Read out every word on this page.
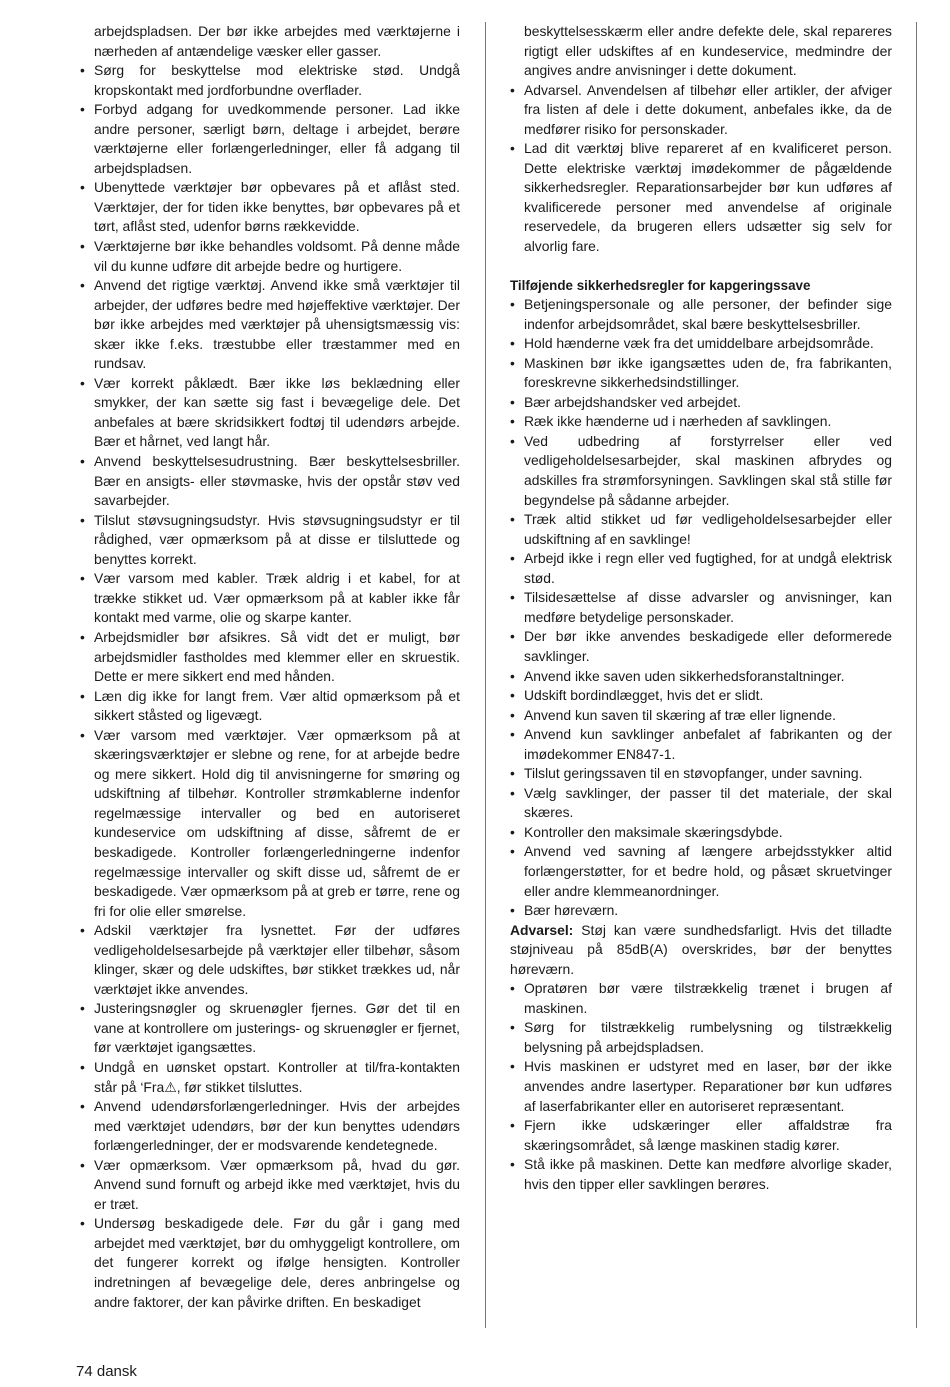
arbejdspladsen. Der bør ikke arbejdes med værktøjerne i nærheden af antændelige væsker eller gasser.

• Sørg for beskyttelse mod elektriske stød. Undgå kropskontakt med jordforbundne overflader.
• Forbyd adgang for uvedkommende personer. Lad ikke andre personer, særligt børn, deltage i arbejdet, berøre værktøjerne eller forlængerledninger, eller få adgang til arbejdspladsen.
• Ubenyttede værktøjer bør opbevares på et aflåst sted. Værktøjer, der for tiden ikke benyttes, bør opbevares på et tørt, aflåst sted, udenfor børns rækkevidde.
• Værktøjerne bør ikke behandles voldsomt. På denne måde vil du kunne udføre dit arbejde bedre og hurtigere.
• Anvend det rigtige værktøj. Anvend ikke små værktøjer til arbejder, der udføres bedre med højeffektive værktøjer. Der bør ikke arbejdes med værktøjer på uhensigtsmæssig vis: skær ikke f.eks. træstubbe eller træstammer med en rundsav.
• Vær korrekt påklædt. Bær ikke løs beklædning eller smykker, der kan sætte sig fast i bevægelige dele. Det anbefales at bære skridsikkert fodtøj til udendørs arbejde. Bær et hårnet, ved langt hår.
• Anvend beskyttelsesudrustning. Bær beskyttelsesbriller. Bær en ansigts- eller støvmaske, hvis der opstår støv ved savarbejder.
• Tilslut støvsugningsudstyr. Hvis støvsugningsudstyr er til rådighed, vær opmærksom på at disse er tilsluttede og benyttes korrekt.
• Vær varsom med kabler. Træk aldrig i et kabel, for at trække stikket ud. Vær opmærksom på at kabler ikke får kontakt med varme, olie og skarpe kanter.
• Arbejdsmidler bør afsikres. Så vidt det er muligt, bør arbejdsmidler fastholdes med klemmer eller en skruestik. Dette er mere sikkert end med hånden.
• Læn dig ikke for langt frem. Vær altid opmærksom på et sikkert ståsted og ligevægt.
• Vær varsom med værktøjer. Vær opmærksom på at skæringsværktøjer er slebne og rene, for at arbejde bedre og mere sikkert. Hold dig til anvisningerne for smøring og udskiftning af tilbehør. Kontroller strømkablerne indenfor regelmæssige intervaller og bed en autoriseret kundeservice om udskiftning af disse, såfremt de er beskadigede. Kontroller forlængerledningerne indenfor regelmæssige intervaller og skift disse ud, såfremt de er beskadigede. Vær opmærksom på at greb er tørre, rene og fri for olie eller smørelse.
• Adskil værktøjer fra lysnettet. Før der udføres vedligeholdelsesarbejde på værktøjer eller tilbehør, såsom klinger, skær og dele udskiftes, bør stikket trækkes ud, når værktøjet ikke anvendes.
• Justeringsnøgler og skruenøgler fjernes. Gør det til en vane at kontrollere om justerings- og skruenøgler er fjernet, før værktøjet igangsættes.
• Undgå en uønsket opstart. Kontroller at til/fra-kontakten står på ‘Fra⚠, før stikket tilsluttes.
• Anvend udendørsforlængerledninger. Hvis der arbejdes med værktøjet udendørs, bør der kun benyttes udendørs forlængerledninger, der er modsvarende kendetegnede.
• Vær opmærksom. Vær opmærksom på, hvad du gør. Anvend sund fornuft og arbejd ikke med værktøjet, hvis du er træt.
• Undersøg beskadigede dele. Før du går i gang med arbejdet med værktøjet, bør du omhyggeligt kontrollere, om det fungerer korrekt og ifølge hensigten. Kontroller indretningen af bevægelige dele, deres anbringelse og andre faktorer, der kan påvirke driften. En beskadiget

beskyttelsesskærm eller andre defekte dele, skal repareres rigtigt eller udskiftes af en kundeservice, medmindre der angives andre anvisninger i dette dokument.

• Advarsel. Anvendelsen af tilbehør eller artikler, der afviger fra listen af dele i dette dokument, anbefales ikke, da de medfører risiko for personskader.
• Lad dit værktøj blive repareret af en kvalificeret person. Dette elektriske værktøj imødekommer de pågældende sikkerhedsregler. Reparationsarbejder bør kun udføres af kvalificerede personer med anvendelse af originale reservedele, da brugeren ellers udsætter sig selv for alvorlig fare.

Tilføjende sikkerhedsregler for kapgeringssave

• Betjeningspersonale og alle personer, der befinder sige indenfor arbejdsområdet, skal bære beskyttelsesbriller.
• Hold hænderne væk fra det umiddelbare arbejdsområde.
• Maskinen bør ikke igangsættes uden de, fra fabrikanten, foreskrevne sikkerhedsindstillinger.
• Bær arbejdshandsker ved arbejdet.
• Ræk ikke hænderne ud i nærheden af savklingen.
• Ved udbedring af forstyrrelser eller ved vedligeholdelsesarbejder, skal maskinen afbrydes og adskilles fra strømforsyningen. Savklingen skal stå stille før begyndelse på sådanne arbejder.
• Træk altid stikket ud før vedligeholdelsesarbejder eller udskiftning af en savklinge!
• Arbejd ikke i regn eller ved fugtighed, for at undgå elektrisk stød.
• Tilsidesættelse af disse advarsler og anvisninger, kan medføre betydelige personskader.
• Der bør ikke anvendes beskadigede eller deformerede savklinger.
• Anvend ikke saven uden sikkerhedsforanstaltninger.
• Udskift bordindlægget, hvis det er slidt.
• Anvend kun saven til skæring af træ eller lignende.
• Anvend kun savklinger anbefalet af fabrikanten og der imødekommer EN847-1.
• Tilslut geringssaven til en støvopfanger, under savning.
• Vælg savklinger, der passer til det materiale, der skal skæres.
• Kontroller den maksimale skæringsdybde.
• Anvend ved savning af længere arbejdsstykker altid forlængerstøtter, for et bedre hold, og påsæt skruetvinger eller andre klemmeanordninger.
• Bær høreværn.

Advarsel: Støj kan være sundhedsfarligt. Hvis det tilladte støjniveau på 85dB(A) overskrides, bør der benyttes høreværn.

• Opratøren bør være tilstrækkelig trænet i brugen af maskinen.
• Sørg for tilstrækkelig rumbelysning og tilstrækkelig belysning på arbejdspladsen.
• Hvis maskinen er udstyret med en laser, bør der ikke anvendes andre lasertyper. Reparationer bør kun udføres af laserfabrikanter eller en autoriseret repræsentant.
• Fjern ikke udskæringer eller affaldstræ fra skæringsområdet, så længe maskinen stadig kører.
• Stå ikke på maskinen. Dette kan medføre alvorlige skader, hvis den tipper eller savklingen berøres.
74 dansk
